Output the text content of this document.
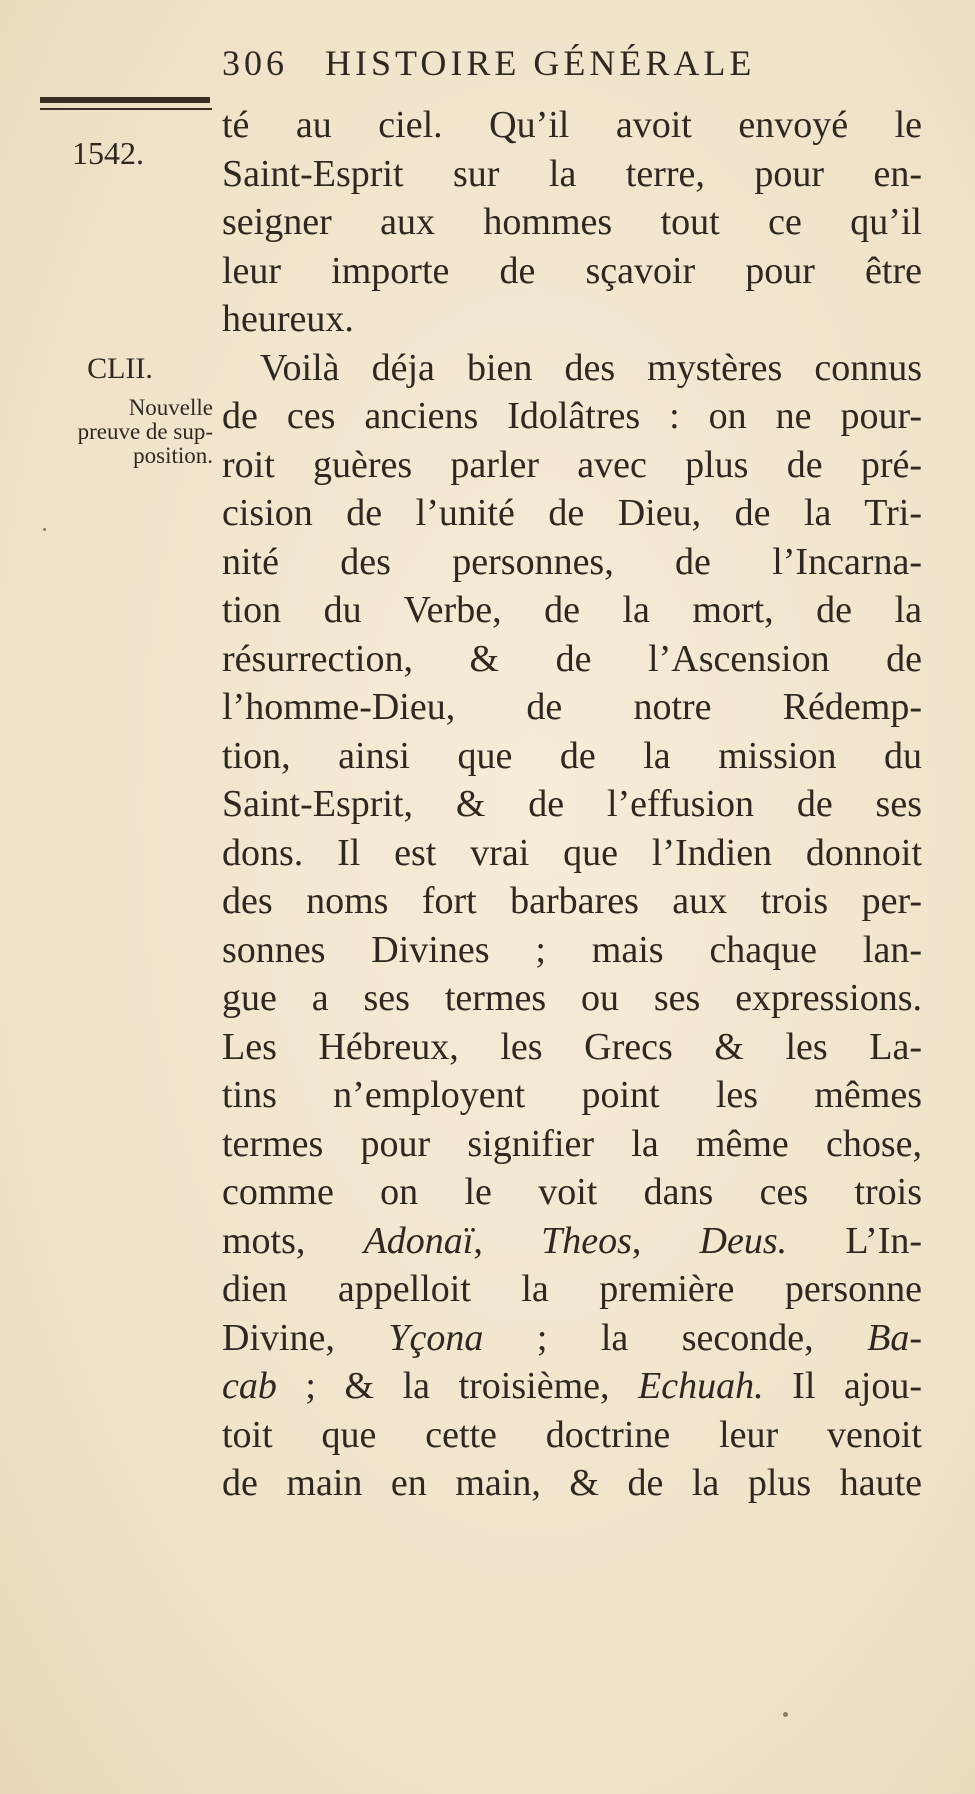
306 HISTOIRE GÉNÉRALE
1542.
CLII.
Nouvelle
preuve de sup-
position.
té au ciel. Qu’il avoit envoyé le
Saint-Esprit sur la terre, pour en-
seigner aux hommes tout ce qu’il
leur importe de sçavoir pour être
heureux.
Voilà déja bien des mystères connus
de ces anciens Idolâtres : on ne pour-
roit guères parler avec plus de pré-
cision de l’unité de Dieu, de la Tri-
nité des personnes, de l’Incarna-
tion du Verbe, de la mort, de la
résurrection, & de l’Ascension de
l’homme-Dieu, de notre Rédemp-
tion, ainsi que de la mission du
Saint-Esprit, & de l’effusion de ses
dons. Il est vrai que l’Indien donnoit
des noms fort barbares aux trois per-
sonnes Divines ; mais chaque lan-
gue a ses termes ou ses expressions.
Les Hébreux, les Grecs & les La-
tins n’employent point les mêmes
termes pour signifier la même chose,
comme on le voit dans ces trois
mots, Adonaï, Theos, Deus. L’In-
dien appelloit la première personne
Divine, Yçona ; la seconde, Ba-
cab ; & la troisième, Echuah. Il ajou-
toit que cette doctrine leur venoit
de main en main, & de la plus haute
